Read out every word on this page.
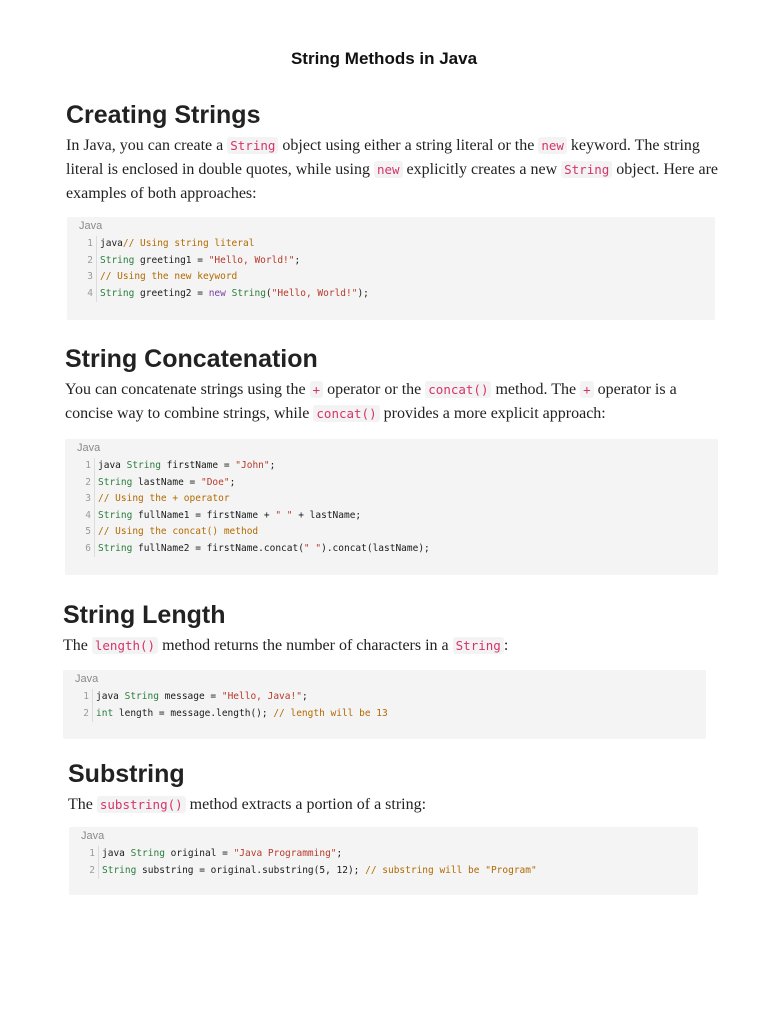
String Methods in Java
Creating Strings

In Java, you can create a String object using either a string literal or the new keyword. The string literal is enclosed in double quotes, while using new explicitly creates a new String object. Here are examples of both approaches:

Java
1
2
3
4
java// Using string literal
String greeting1 = "Hello, World!";
// Using the new keyword
String greeting2 = new String("Hello, World!");
String Concatenation

You can concatenate strings using the + operator or the concat() method. The + operator is a concise way to combine strings, while concat() provides a more explicit approach:

Java
1
2
3
4
5
6
java String firstName = "John";
String lastName = "Doe";
// Using the + operator
String fullName1 = firstName + " " + lastName;
// Using the concat() method
String fullName2 = firstName.concat(" ").concat(lastName);
String Length

The length() method returns the number of characters in a String :

Java
1
2
java String message = "Hello, Java!";
int length = message.length(); // length will be 13
Substring

The substring() method extracts a portion of a string:

Java
1
2
java String original = "Java Programming";
String substring = original.substring(5, 12); // substring will be "Program"
